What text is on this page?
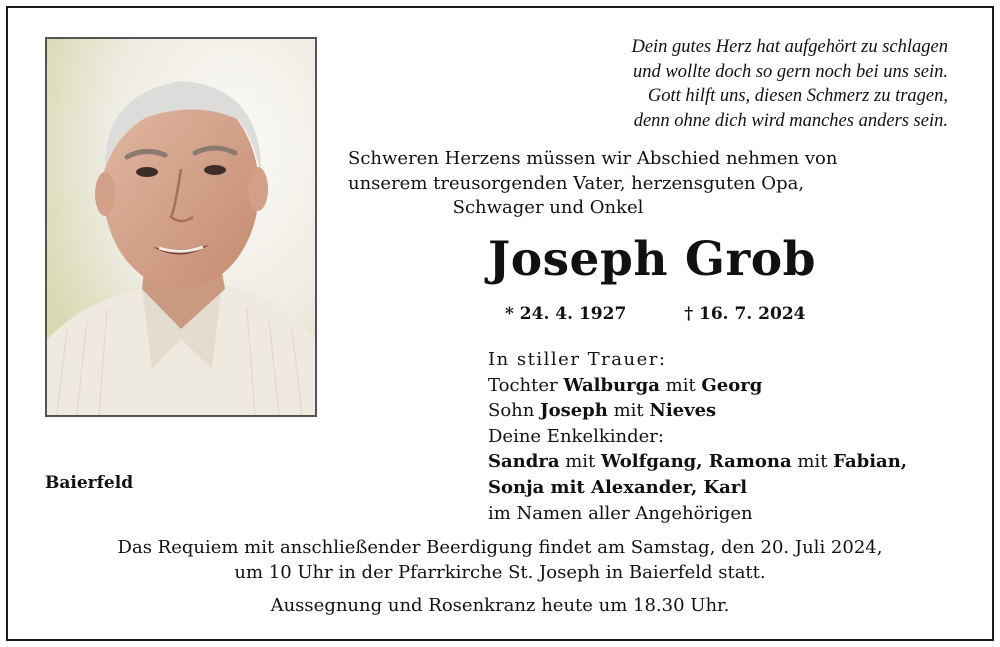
Dein gutes Herz hat aufgehört zu schlagen
und wollte doch so gern noch bei uns sein.
Gott hilft uns, diesen Schmerz zu tragen,
denn ohne dich wird manches anders sein.
Schweren Herzens müssen wir Abschied nehmen von
unserem treusorgenden Vater, herzensguten Opa,
Schwager und Onkel
Joseph Grob
* 24. 4. 1927	† 16. 7. 2024
In stiller Trauer:
Tochter Walburga mit Georg
Sohn Joseph mit Nieves
Deine Enkelkinder:
Sandra mit Wolfgang, Ramona mit Fabian,
Sonja mit Alexander, Karl
im Namen aller Angehörigen
Baierfeld
Das Requiem mit anschließender Beerdigung findet am Samstag, den 20. Juli 2024,
um 10 Uhr in der Pfarrkirche St. Joseph in Baierfeld statt.
Aussegnung und Rosenkranz heute um 18.30 Uhr.
